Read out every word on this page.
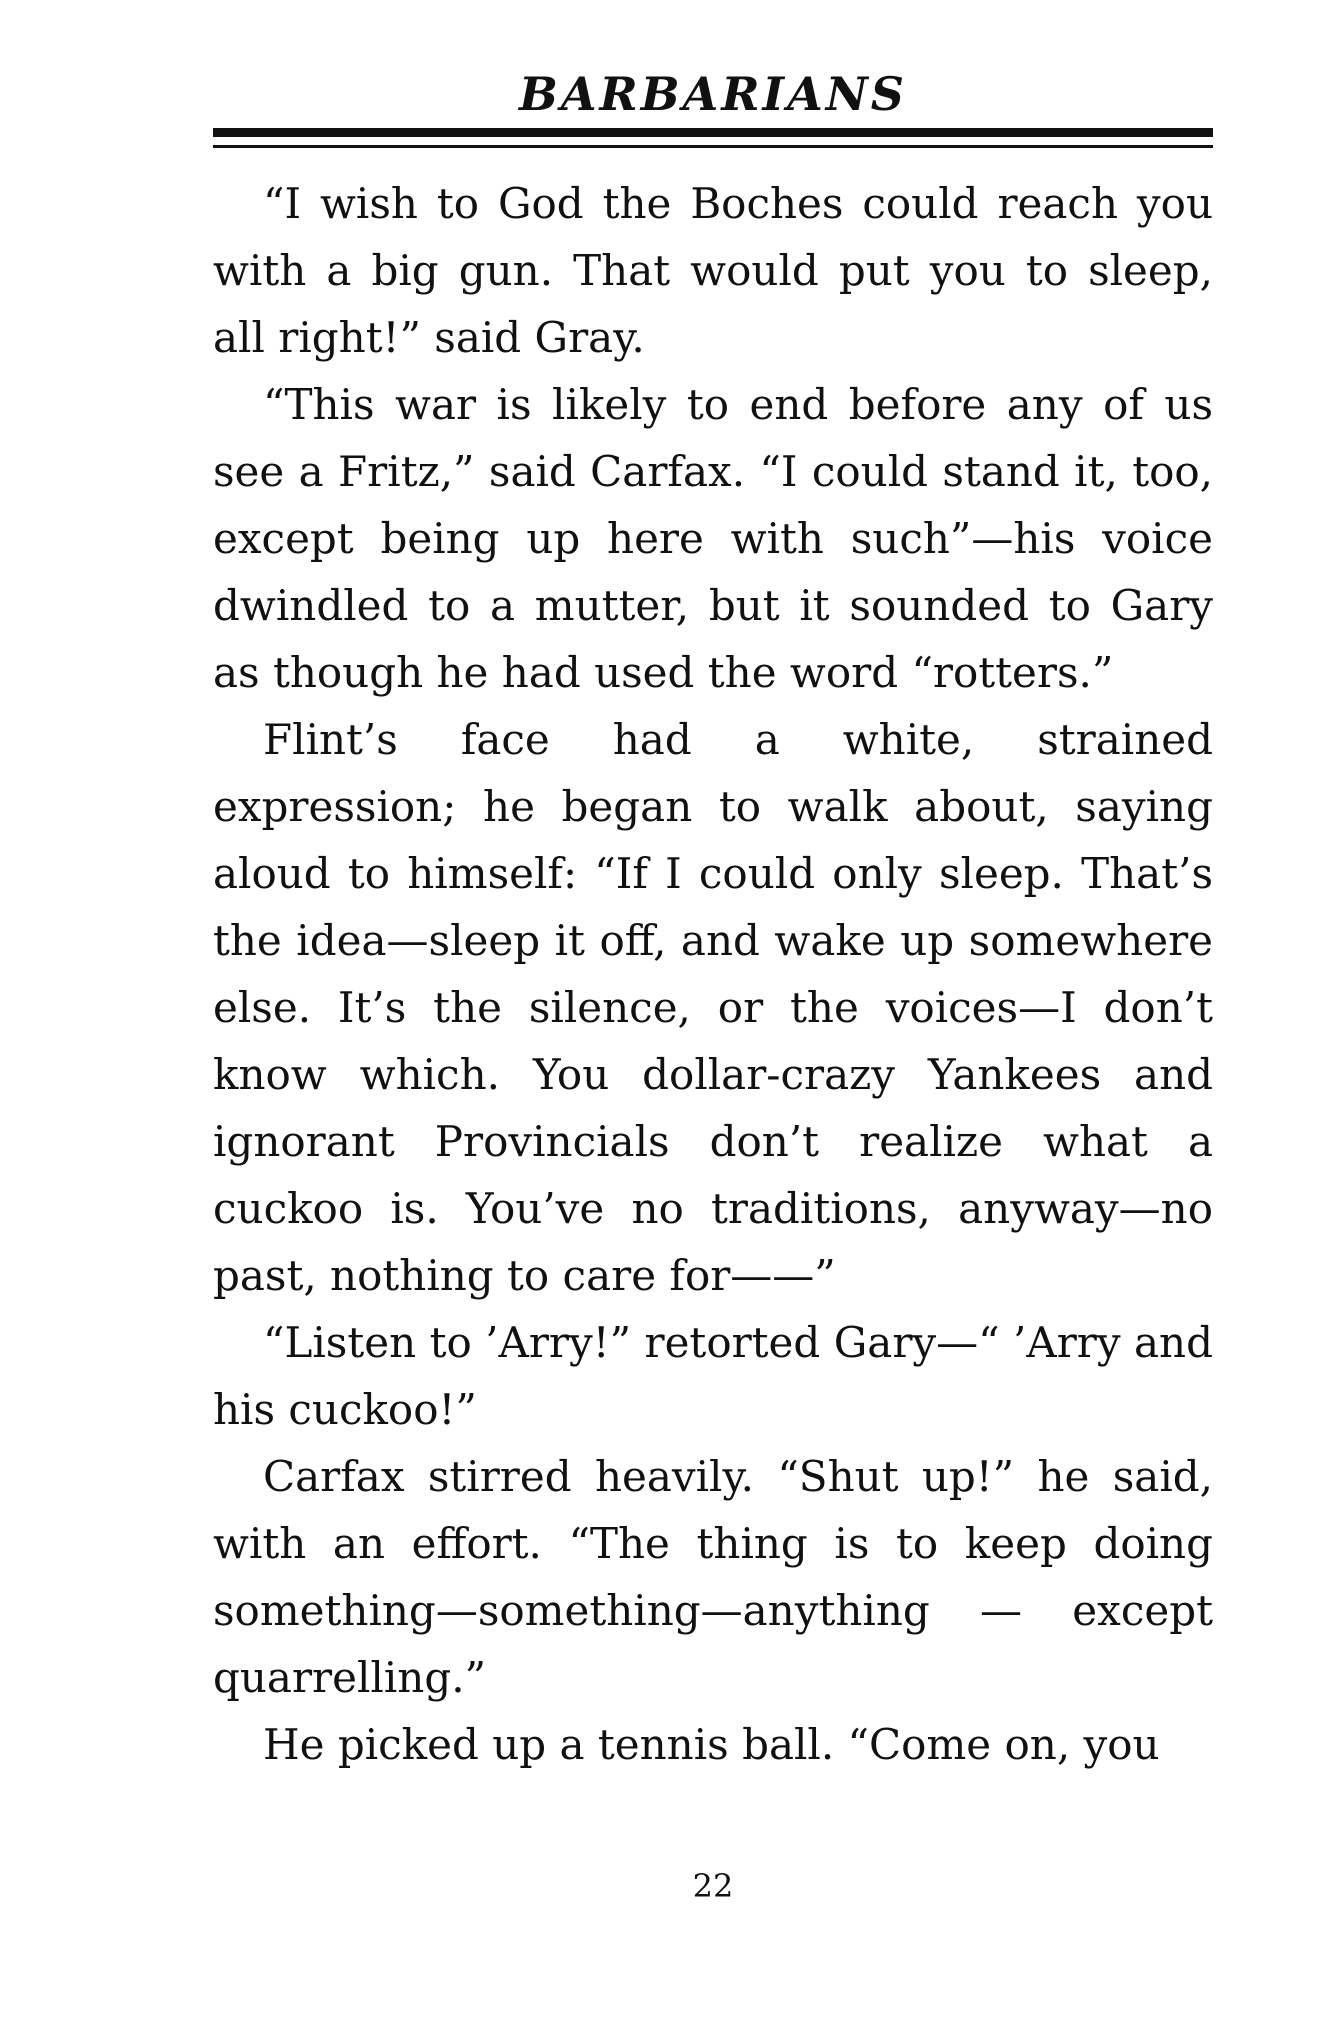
BARBARIANS

“I wish to God the Boches could reach you with a big gun. That would put you to sleep, all right!” said Gray.

“This war is likely to end before any of us see a Fritz,” said Carfax. “I could stand it, too, except being up here with such”—his voice dwindled to a mutter, but it sounded to Gary as though he had used the word “rotters.”

Flint’s face had a white, strained expression; he began to walk about, saying aloud to himself: “If I could only sleep. That’s the idea—sleep it off, and wake up somewhere else. It’s the silence, or the voices—I don’t know which. You dollar-crazy Yankees and ignorant Provincials don’t realize what a cuckoo is. You’ve no traditions, anyway—no past, nothing to care for——”

“Listen to ’Arry!” retorted Gary—“ ’Arry and his cuckoo!”

Carfax stirred heavily. “Shut up!” he said, with an effort. “The thing is to keep doing something—something—anything — except quarrelling.”

He picked up a tennis ball. “Come on, you

22
